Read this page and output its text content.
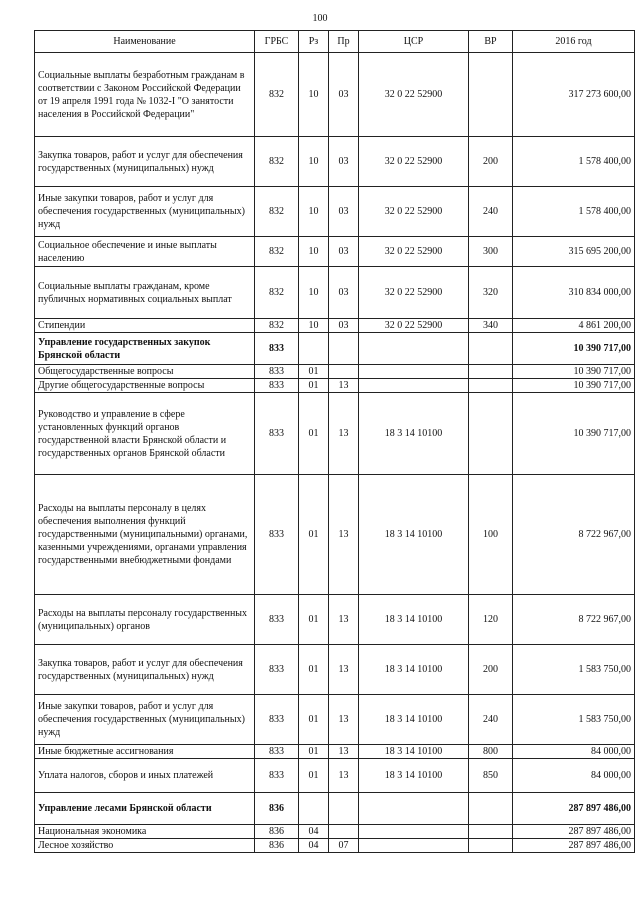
100
Наименование	ГРБС	Рз	Пр	ЦСР	ВР	2016 год
Социальные выплаты безработным гражданам в соответствии с Законом Российской Федерации от 19 апреля 1991 года № 1032-I "О занятости населения в Российской Федерации"	832	10	03	32 0 22 52900		317 273 600,00
Закупка товаров, работ и услуг для обеспечения государственных (муниципальных) нужд	832	10	03	32 0 22 52900	200	1 578 400,00
Иные закупки товаров, работ и услуг для обеспечения государственных (муниципальных) нужд	832	10	03	32 0 22 52900	240	1 578 400,00
Социальное обеспечение и иные выплаты населению	832	10	03	32 0 22 52900	300	315 695 200,00
Социальные выплаты гражданам, кроме публичных нормативных социальных выплат	832	10	03	32 0 22 52900	320	310 834 000,00
Стипендии	832	10	03	32 0 22 52900	340	4 861 200,00
Управление государственных закупок Брянской области	833					10 390 717,00
Общегосударственные вопросы	833	01				10 390 717,00
Другие общегосударственные вопросы	833	01	13			10 390 717,00
Руководство и управление в сфере установленных функций органов государственной власти Брянской области и государственных органов Брянской области	833	01	13	18 3 14 10100		10 390 717,00
Расходы на выплаты персоналу в целях обеспечения выполнения функций государственными (муниципальными) органами, казенными учреждениями, органами управления государственными внебюджетными фондами	833	01	13	18 3 14 10100	100	8 722 967,00
Расходы на выплаты персоналу государственных (муниципальных) органов	833	01	13	18 3 14 10100	120	8 722 967,00
Закупка товаров, работ и услуг для обеспечения государственных (муниципальных) нужд	833	01	13	18 3 14 10100	200	1 583 750,00
Иные закупки товаров, работ и услуг для обеспечения государственных (муниципальных) нужд	833	01	13	18 3 14 10100	240	1 583 750,00
Иные бюджетные ассигнования	833	01	13	18 3 14 10100	800	84 000,00
Уплата налогов, сборов и иных платежей	833	01	13	18 3 14 10100	850	84 000,00
Управление лесами Брянской области	836					287 897 486,00
Национальная экономика	836	04				287 897 486,00
Лесное хозяйство	836	04	07			287 897 486,00
